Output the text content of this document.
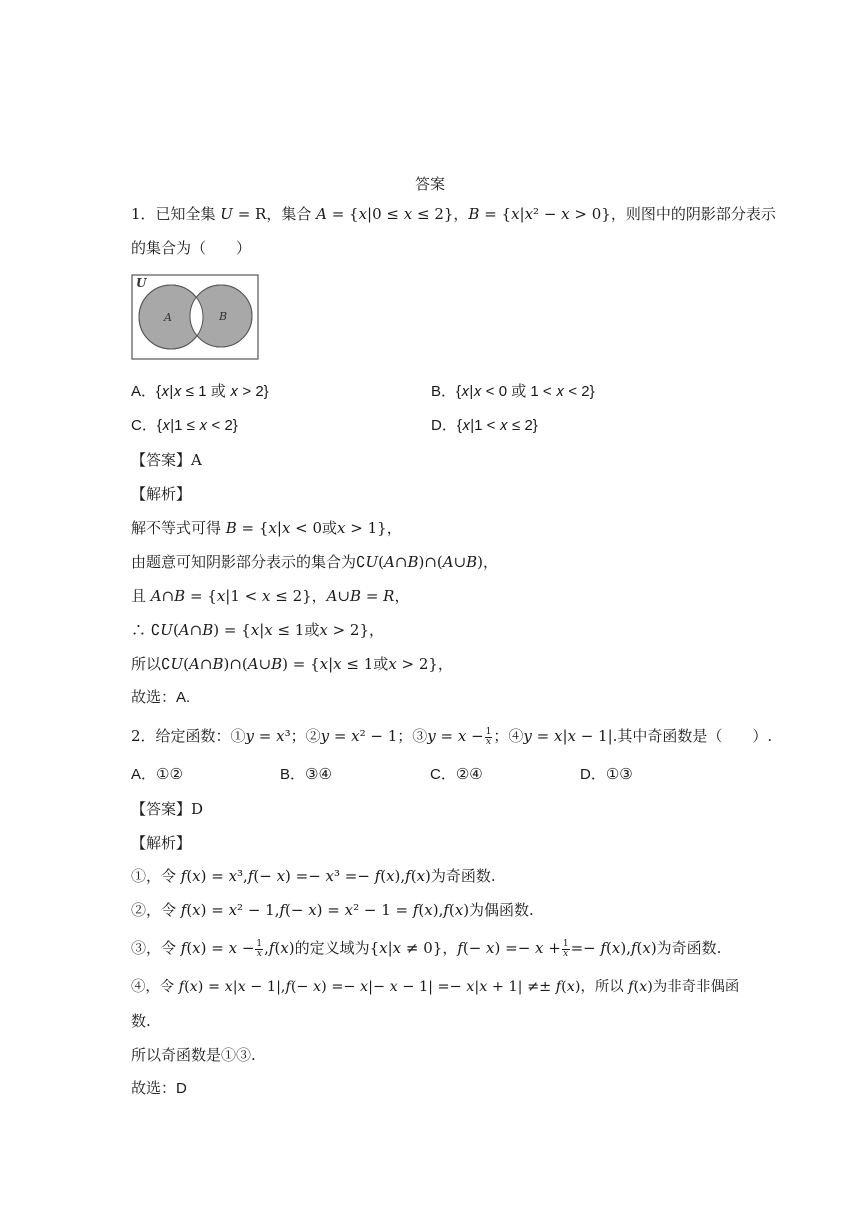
答案
1．已知全集 𝑈 = R，集合 𝐴 = {𝑥|0 ≤ 𝑥 ≤ 2}，𝐵 = {𝑥|𝑥² − 𝑥 > 0}，则图中的阴影部分表示
的集合为（　　）
U
A	B
A．{𝑥|𝑥 ≤ 1 或 𝑥 > 2}	B．{𝑥|𝑥 < 0 或 1 < 𝑥 < 2}
C．{𝑥|1 ≤ 𝑥 < 2}	D．{𝑥|1 < 𝑥 ≤ 2}
【答案】A
【解析】
解不等式可得 𝐵 = {𝑥|𝑥 < 0或𝑥 > 1}，
由题意可知阴影部分表示的集合为∁𝑈(𝐴∩𝐵)∩(𝐴∪𝐵)，
且 𝐴∩𝐵 = {𝑥|1 < 𝑥 ≤ 2}，𝐴∪𝐵 = 𝑅，
∴ ∁𝑈(𝐴∩𝐵) = {𝑥|𝑥 ≤ 1或𝑥 > 2}，
所以∁𝑈(𝐴∩𝐵)∩(𝐴∪𝐵) = {𝑥|𝑥 ≤ 1或𝑥 > 2}，
故选：A.
2．给定函数：①𝑦 = 𝑥³；②𝑦 = 𝑥² − 1；③𝑦 = 𝑥 − $\frac{1}{\text{𝑥}}$ ；④𝑦 = 𝑥|𝑥 − 1|.其中奇函数是（　　）.
A．①②	B．③④	C．②④	D．①③
【答案】D
【解析】
①，令 𝑓(𝑥) = 𝑥³,𝑓(− 𝑥) =− 𝑥³ =− 𝑓(𝑥),𝑓(𝑥)为奇函数.
②，令 𝑓(𝑥) = 𝑥² − 1,𝑓(− 𝑥) = 𝑥² − 1 = 𝑓(𝑥),𝑓(𝑥)为偶函数.
③，令 𝑓(𝑥) = 𝑥 − $\frac{1}{\text{𝑥}}$ ,𝑓(𝑥)的定义域为{𝑥|𝑥 ≠ 0}，𝑓(− 𝑥) =− 𝑥 + $\frac{1}{\text{𝑥}}$ =− 𝑓(𝑥),𝑓(𝑥)为奇函数.
④，令 𝑓(𝑥) = 𝑥|𝑥 − 1|,𝑓(− 𝑥) =− 𝑥|− 𝑥 − 1| =− 𝑥|𝑥 + 1| ≠± 𝑓(𝑥)，所以 𝑓(𝑥)为非奇非偶函
数.
所以奇函数是①③.
故选：D
